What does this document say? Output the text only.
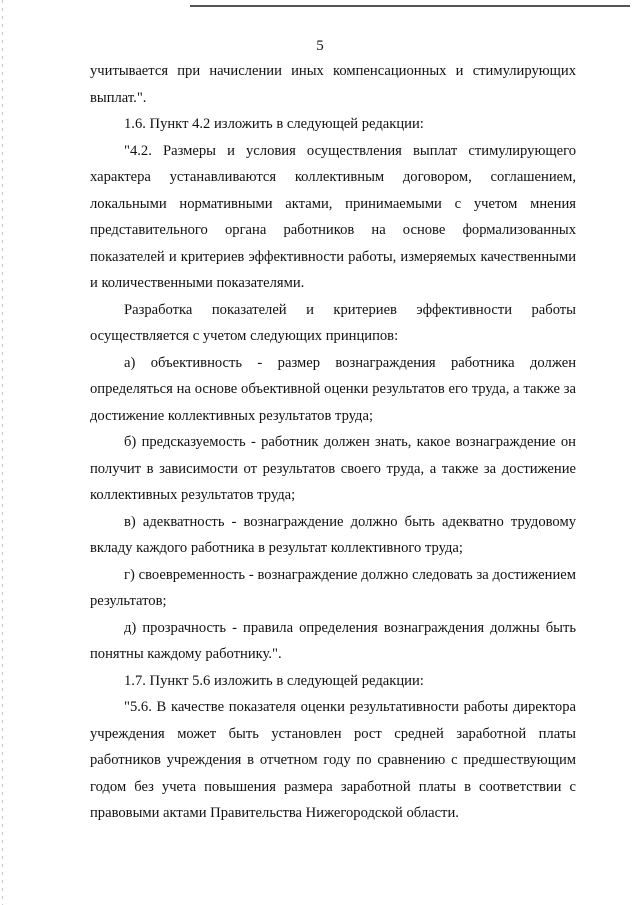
5

учитывается при начислении иных компенсационных и стимулирующих выплат.".

1.6. Пункт 4.2 изложить в следующей редакции:

"4.2. Размеры и условия осуществления выплат стимулирующего характера устанавливаются коллективным договором, соглашением, локальными нормативными актами, принимаемыми с учетом мнения представительного органа работников на основе формализованных показателей и критериев эффективности работы, измеряемых качественными и количественными показателями.

Разработка показателей и критериев эффективности работы осуществляется с учетом следующих принципов:

а) объективность - размер вознаграждения работника должен определяться на основе объективной оценки результатов его труда, а также за достижение коллективных результатов труда;

б) предсказуемость - работник должен знать, какое вознаграждение он получит в зависимости от результатов своего труда, а также за достижение коллективных результатов труда;

в) адекватность - вознаграждение должно быть адекватно трудовому вкладу каждого работника в результат коллективного труда;

г) своевременность - вознаграждение должно следовать за достижением результатов;

д) прозрачность - правила определения вознаграждения должны быть понятны каждому работнику.".

1.7. Пункт 5.6 изложить в следующей редакции:

"5.6. В качестве показателя оценки результативности работы директора учреждения может быть установлен рост средней заработной платы работников учреждения в отчетном году по сравнению с предшествующим годом без учета повышения размера заработной платы в соответствии с правовыми актами Правительства Нижегородской области.
